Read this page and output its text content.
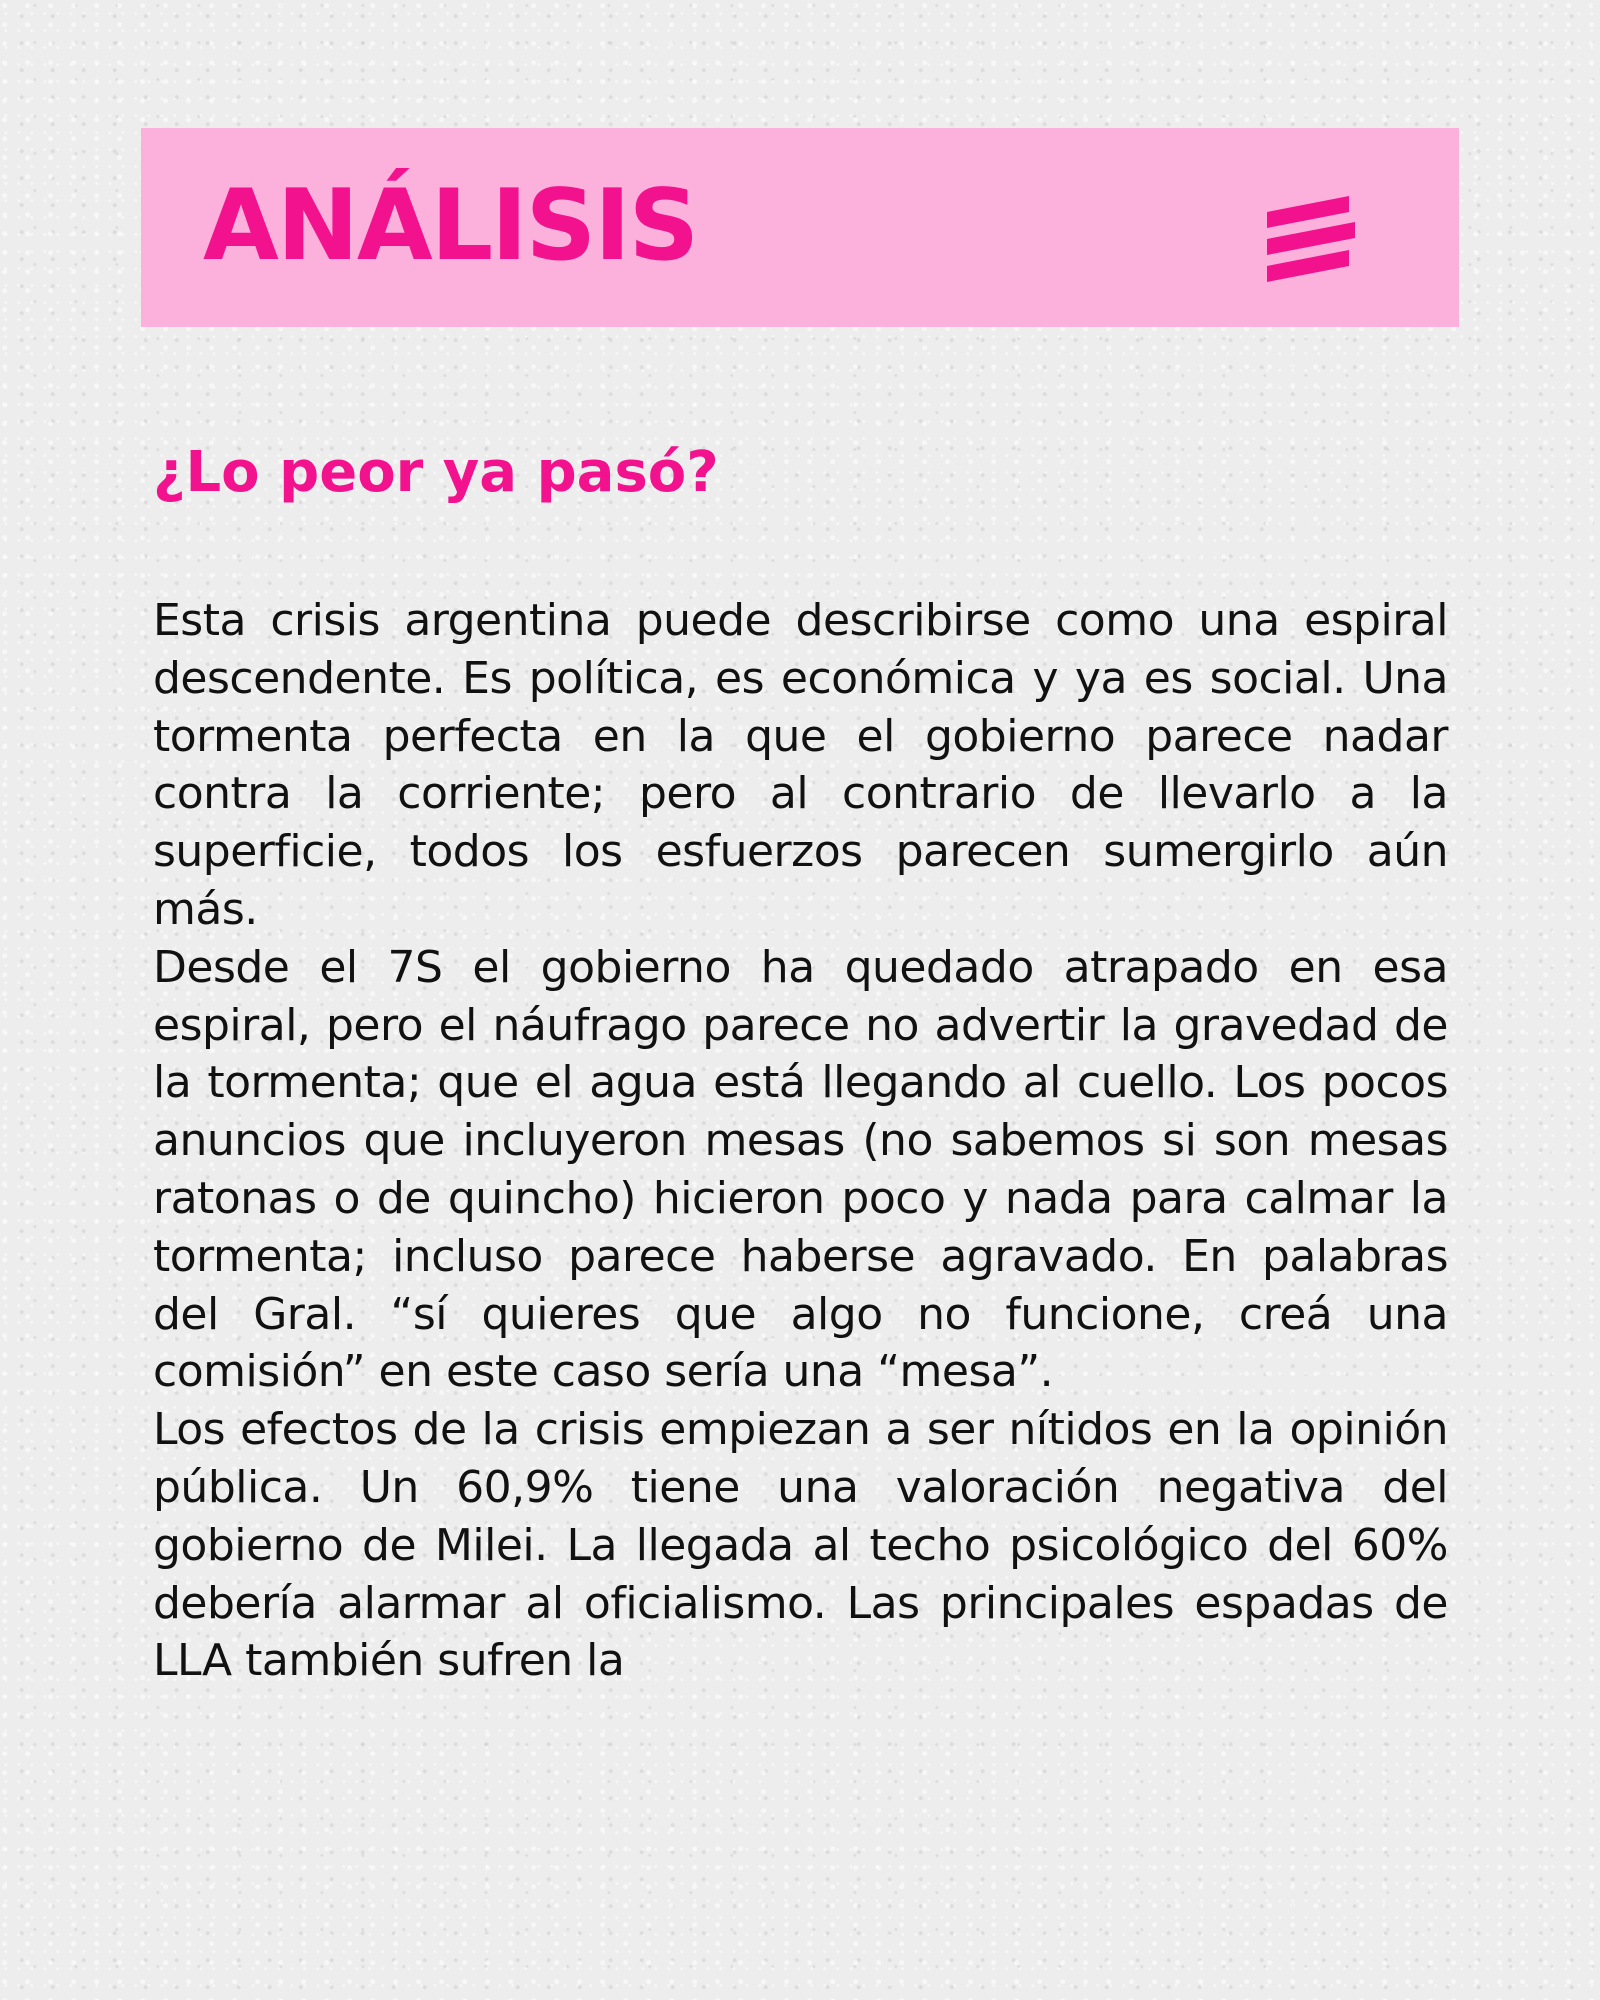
ANÁLISIS
¿Lo peor ya pasó?

Esta crisis argentina puede describirse como una espiral descendente. Es política, es económica y ya es social. Una tormenta perfecta en la que el gobierno parece nadar contra la corriente; pero al contrario de llevarlo a la superficie, todos los esfuerzos parecen sumergirlo aún más.

Desde el 7S el gobierno ha quedado atrapado en esa espiral, pero el náufrago parece no advertir la gravedad de la tormenta; que el agua está llegando al cuello. Los pocos anuncios que incluyeron mesas (no sabemos si son mesas ratonas o de quincho) hicieron poco y nada para calmar la tormenta; incluso parece haberse agravado. En palabras del Gral. “sí quieres que algo no funcione, creá una comisión” en este caso sería una “mesa”.

Los efectos de la crisis empiezan a ser nítidos en la opinión pública. Un 60,9% tiene una valoración negativa del gobierno de Milei. La llegada al techo psicológico del 60% debería alarmar al oficialismo. Las principales espadas de LLA también sufren la
